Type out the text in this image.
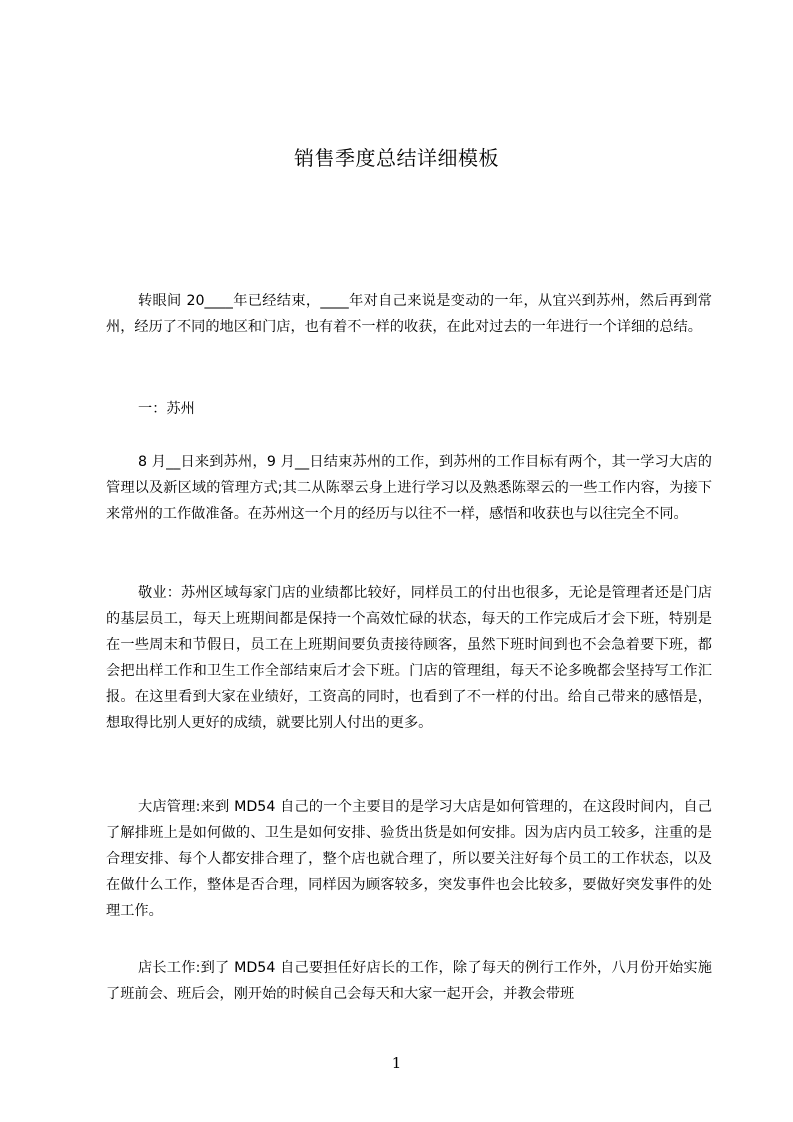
销售季度总结详细模板

转眼间 20____年已经结束，____年对自己来说是变动的一年，从宜兴到苏州，然后再到常州，经历了不同的地区和门店，也有着不一样的收获，在此对过去的一年进行一个详细的总结。

一：苏州

8 月__日来到苏州，9 月__日结束苏州的工作，到苏州的工作目标有两个，其一学习大店的管理以及新区域的管理方式;其二从陈翠云身上进行学习以及熟悉陈翠云的一些工作内容，为接下来常州的工作做准备。在苏州这一个月的经历与以往不一样，感悟和收获也与以往完全不同。

敬业：苏州区域每家门店的业绩都比较好，同样员工的付出也很多，无论是管理者还是门店的基层员工，每天上班期间都是保持一个高效忙碌的状态，每天的工作完成后才会下班，特别是在一些周末和节假日，员工在上班期间要负责接待顾客，虽然下班时间到也不会急着要下班，都会把出样工作和卫生工作全部结束后才会下班。门店的管理组，每天不论多晚都会坚持写工作汇报。在这里看到大家在业绩好，工资高的同时，也看到了不一样的付出。给自己带来的感悟是，想取得比别人更好的成绩，就要比别人付出的更多。

大店管理:来到 MD54 自己的一个主要目的是学习大店是如何管理的，在这段时间内，自己了解排班上是如何做的、卫生是如何安排、验货出货是如何安排。因为店内员工较多，注重的是合理安排、每个人都安排合理了，整个店也就合理了，所以要关注好每个员工的工作状态，以及在做什么工作，整体是否合理，同样因为顾客较多，突发事件也会比较多，要做好突发事件的处理工作。

店长工作:到了 MD54 自己要担任好店长的工作，除了每天的例行工作外，八月份开始实施了班前会、班后会，刚开始的时候自己会每天和大家一起开会，并教会带班

1
